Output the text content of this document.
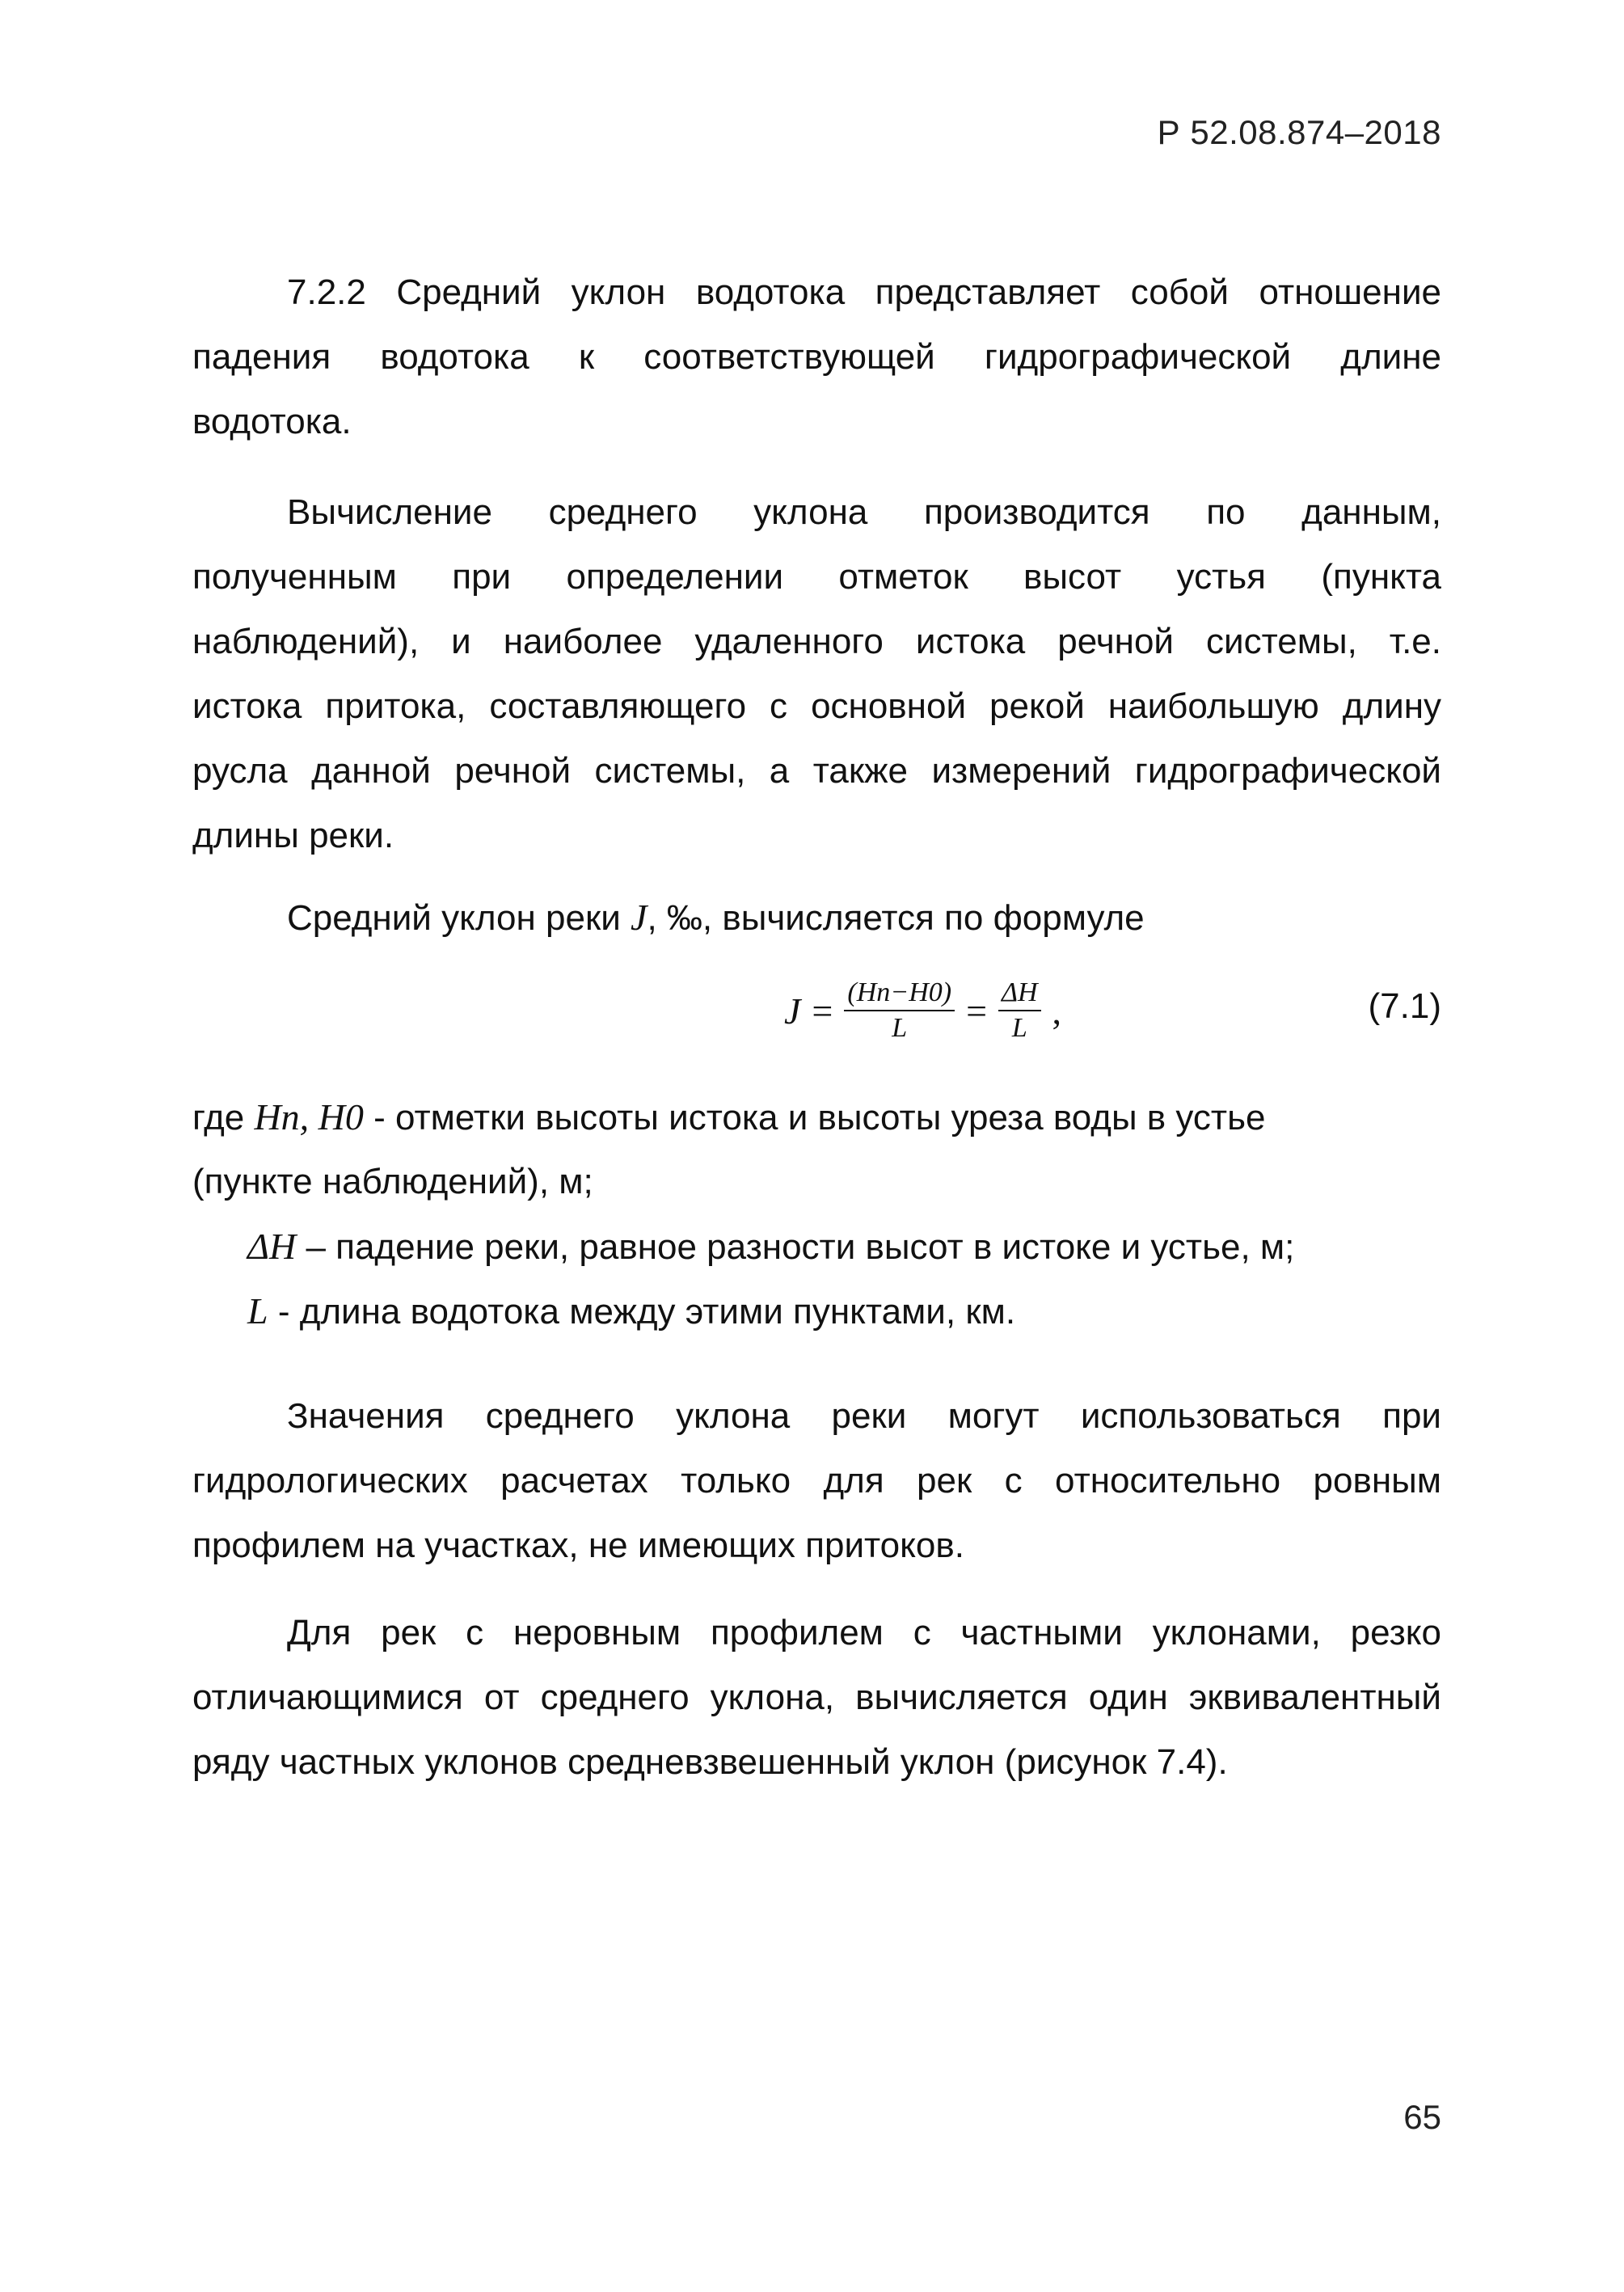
Р 52.08.874–2018
7.2.2 Средний уклон водотока представляет собой отношение
падения водотока к соответствующей гидрографической длине
водотока.
Вычисление среднего уклона производится по данным,
полученным при определении отметок высот устья (пункта
наблюдений), и наиболее удаленного истока речной системы, т.е.
истока притока, составляющего с основной рекой наибольшую длину
русла данной речной системы, а также измерений гидрографической
длины реки.
Средний уклон реки J, ‰, вычисляется по формуле
$J = \frac{(Hn-H0)}{L} = \frac{\Delta H}{L}$ ,	(7.1)
где Hn, H0 - отметки высоты истока и высоты уреза воды в устье
(пункте наблюдений), м;
ΔH – падение реки, равное разности высот в истоке и устье, м;
L - длина водотока между этими пунктами, км.
Значения среднего уклона реки могут использоваться при
гидрологических расчетах только для рек с относительно ровным
профилем на участках, не имеющих притоков.
Для рек с неровным профилем с частными уклонами, резко
отличающимися от среднего уклона, вычисляется один эквивалентный
ряду частных уклонов средневзвешенный уклон (рисунок 7.4).
65
